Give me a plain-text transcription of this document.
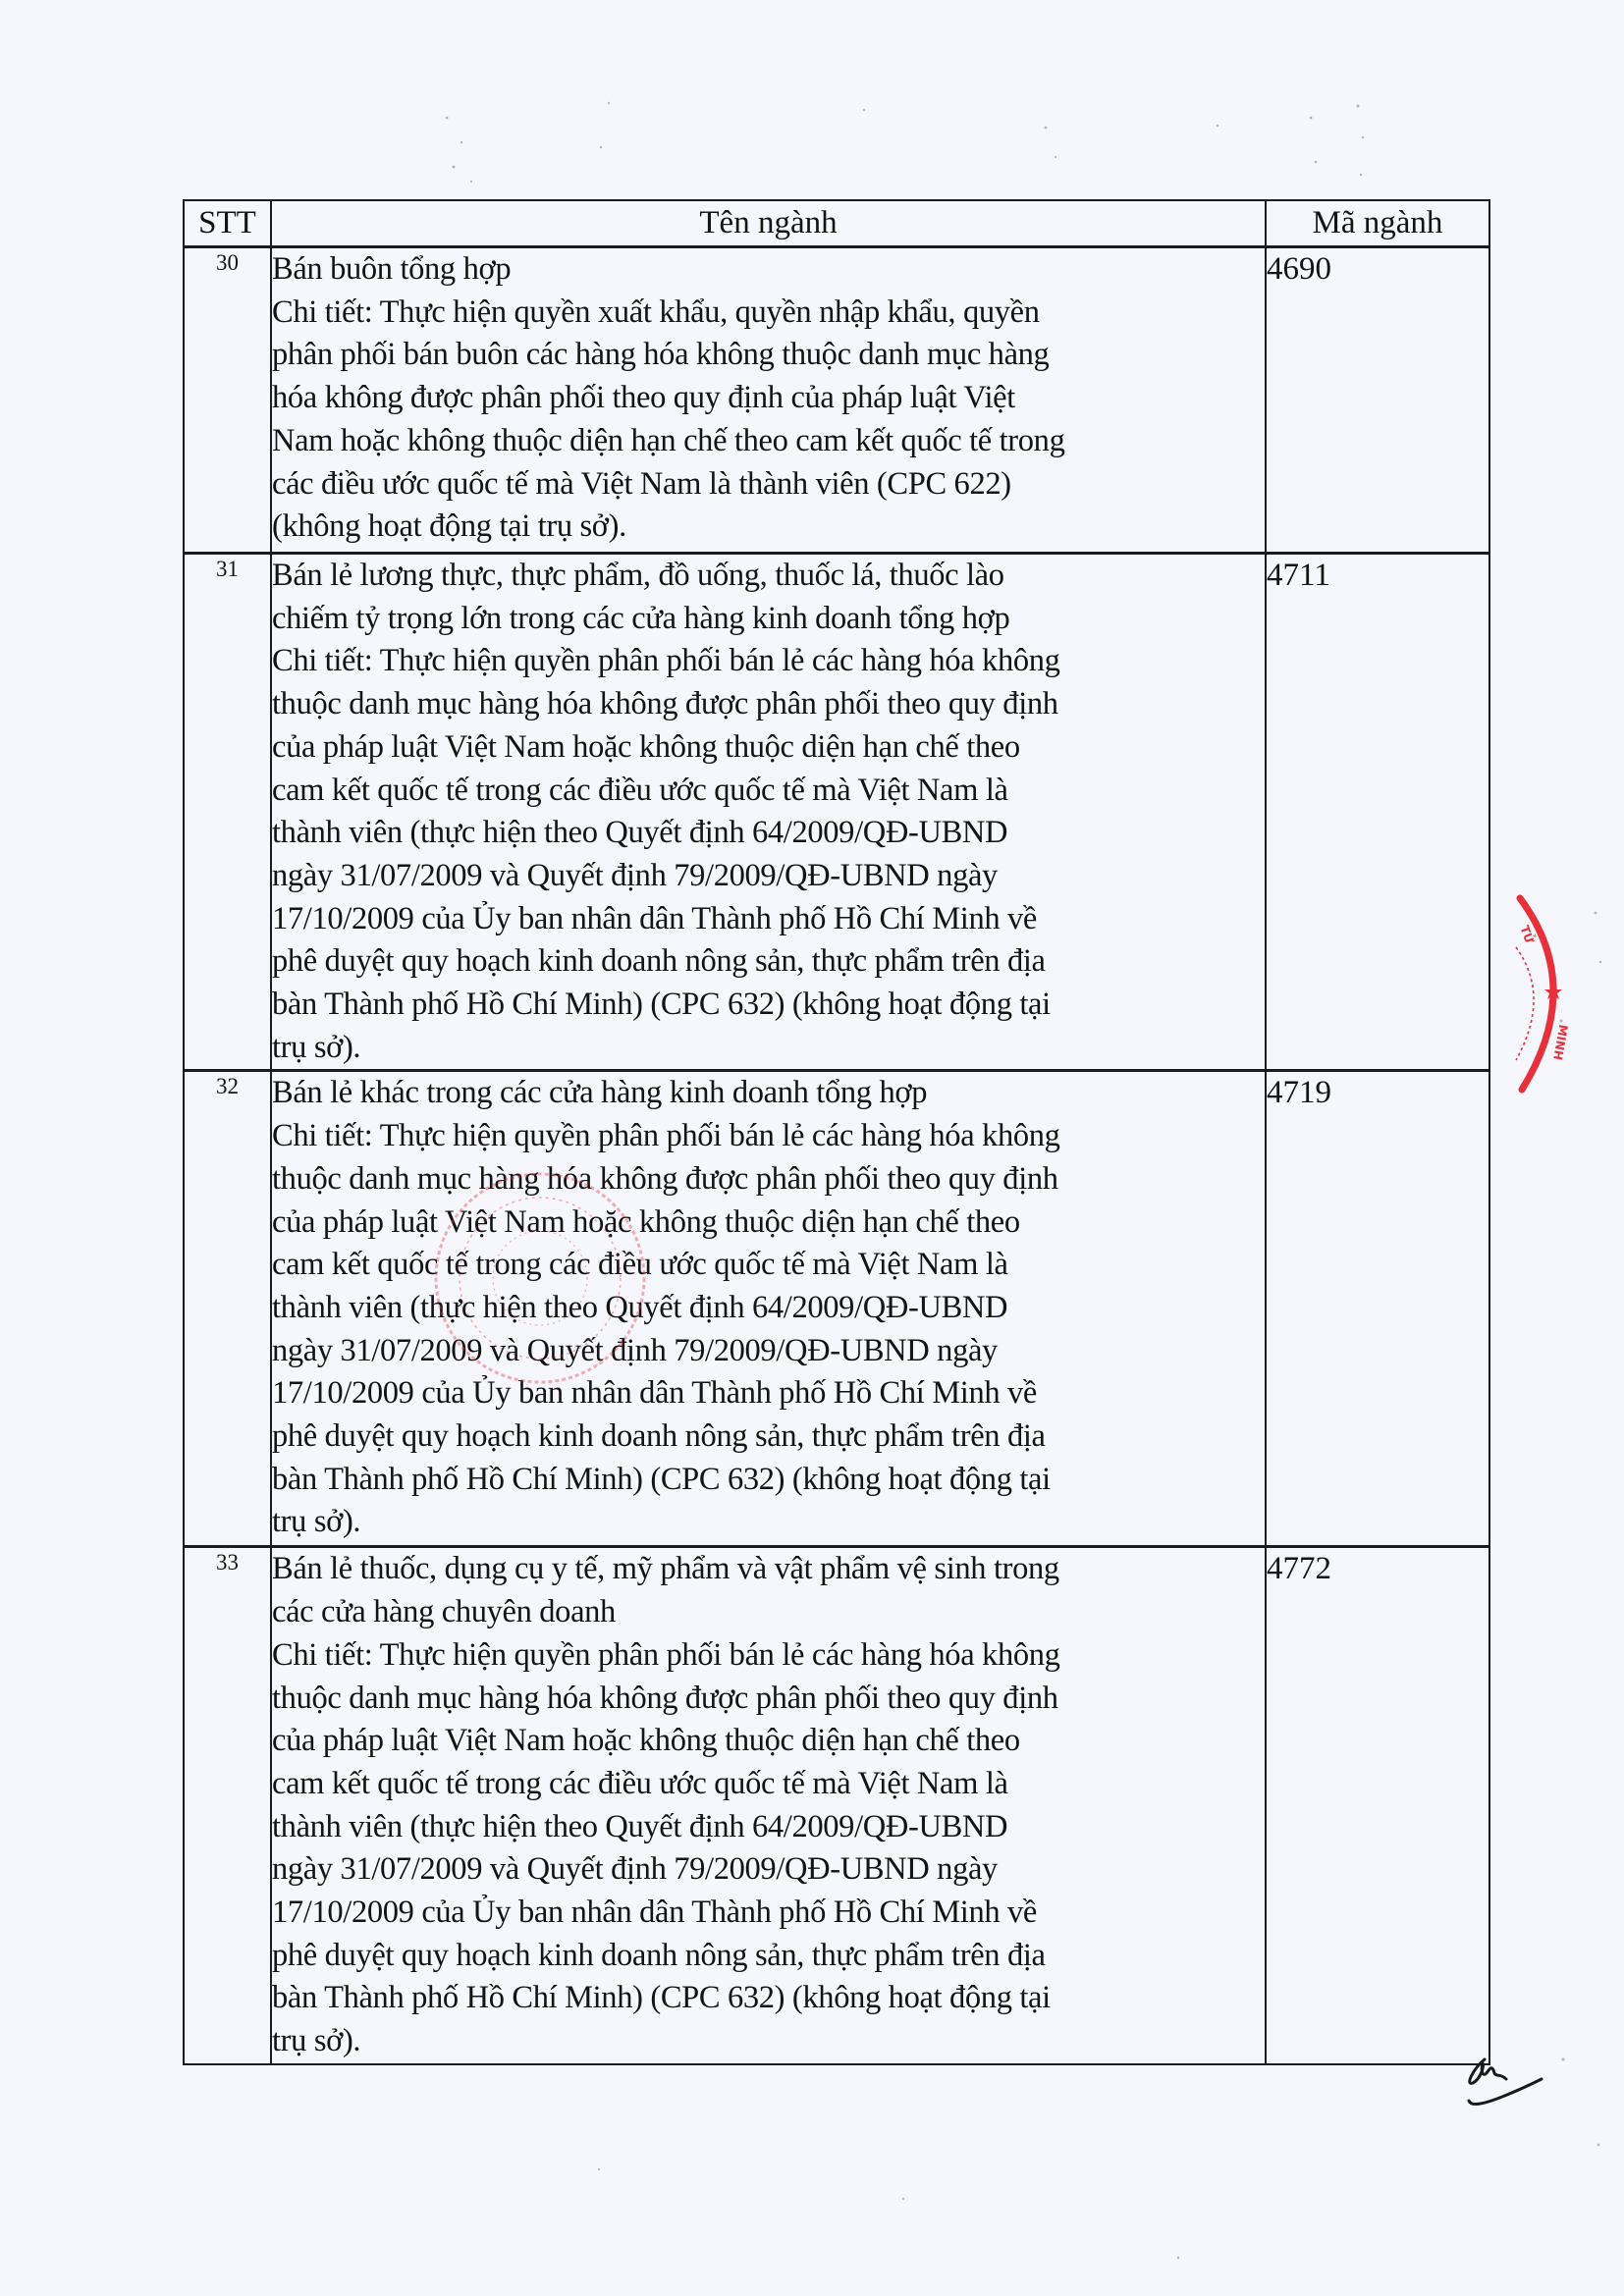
STT	Tên ngành	Mã ngành
30	Bán buôn tổng hợp
Chi tiết: Thực hiện quyền xuất khẩu, quyền nhập khẩu, quyền
phân phối bán buôn các hàng hóa không thuộc danh mục hàng
hóa không được phân phối theo quy định của pháp luật Việt
Nam hoặc không thuộc diện hạn chế theo cam kết quốc tế trong
các điều ước quốc tế mà Việt Nam là thành viên (CPC 622)
(không hoạt động tại trụ sở).
	4690
31	Bán lẻ lương thực, thực phẩm, đồ uống, thuốc lá, thuốc lào
chiếm tỷ trọng lớn trong các cửa hàng kinh doanh tổng hợp
Chi tiết: Thực hiện quyền phân phối bán lẻ các hàng hóa không
thuộc danh mục hàng hóa không được phân phối theo quy định
của pháp luật Việt Nam hoặc không thuộc diện hạn chế theo
cam kết quốc tế trong các điều ước quốc tế mà Việt Nam là
thành viên (thực hiện theo Quyết định 64/2009/QĐ-UBND
ngày 31/07/2009 và Quyết định 79/2009/QĐ-UBND ngày
17/10/2009 của Ủy ban nhân dân Thành phố Hồ Chí Minh về
phê duyệt quy hoạch kinh doanh nông sản, thực phẩm trên địa
bàn Thành phố Hồ Chí Minh) (CPC 632) (không hoạt động tại
trụ sở).
	4711
32	Bán lẻ khác trong các cửa hàng kinh doanh tổng hợp
Chi tiết: Thực hiện quyền phân phối bán lẻ các hàng hóa không
thuộc danh mục hàng hóa không được phân phối theo quy định
của pháp luật Việt Nam hoặc không thuộc diện hạn chế theo
cam kết quốc tế trong các điều ước quốc tế mà Việt Nam là
thành viên (thực hiện theo Quyết định 64/2009/QĐ-UBND
ngày 31/07/2009 và Quyết định 79/2009/QĐ-UBND ngày
17/10/2009 của Ủy ban nhân dân Thành phố Hồ Chí Minh về
phê duyệt quy hoạch kinh doanh nông sản, thực phẩm trên địa
bàn Thành phố Hồ Chí Minh) (CPC 632) (không hoạt động tại
trụ sở).
	4719
33	Bán lẻ thuốc, dụng cụ y tế, mỹ phẩm và vật phẩm vệ sinh trong
các cửa hàng chuyên doanh
Chi tiết: Thực hiện quyền phân phối bán lẻ các hàng hóa không
thuộc danh mục hàng hóa không được phân phối theo quy định
của pháp luật Việt Nam hoặc không thuộc diện hạn chế theo
cam kết quốc tế trong các điều ước quốc tế mà Việt Nam là
thành viên (thực hiện theo Quyết định 64/2009/QĐ-UBND
ngày 31/07/2009 và Quyết định 79/2009/QĐ-UBND ngày
17/10/2009 của Ủy ban nhân dân Thành phố Hồ Chí Minh về
phê duyệt quy hoạch kinh doanh nông sản, thực phẩm trên địa
bàn Thành phố Hồ Chí Minh) (CPC 632) (không hoạt động tại
trụ sở).
	4772
TỬ
MINH
